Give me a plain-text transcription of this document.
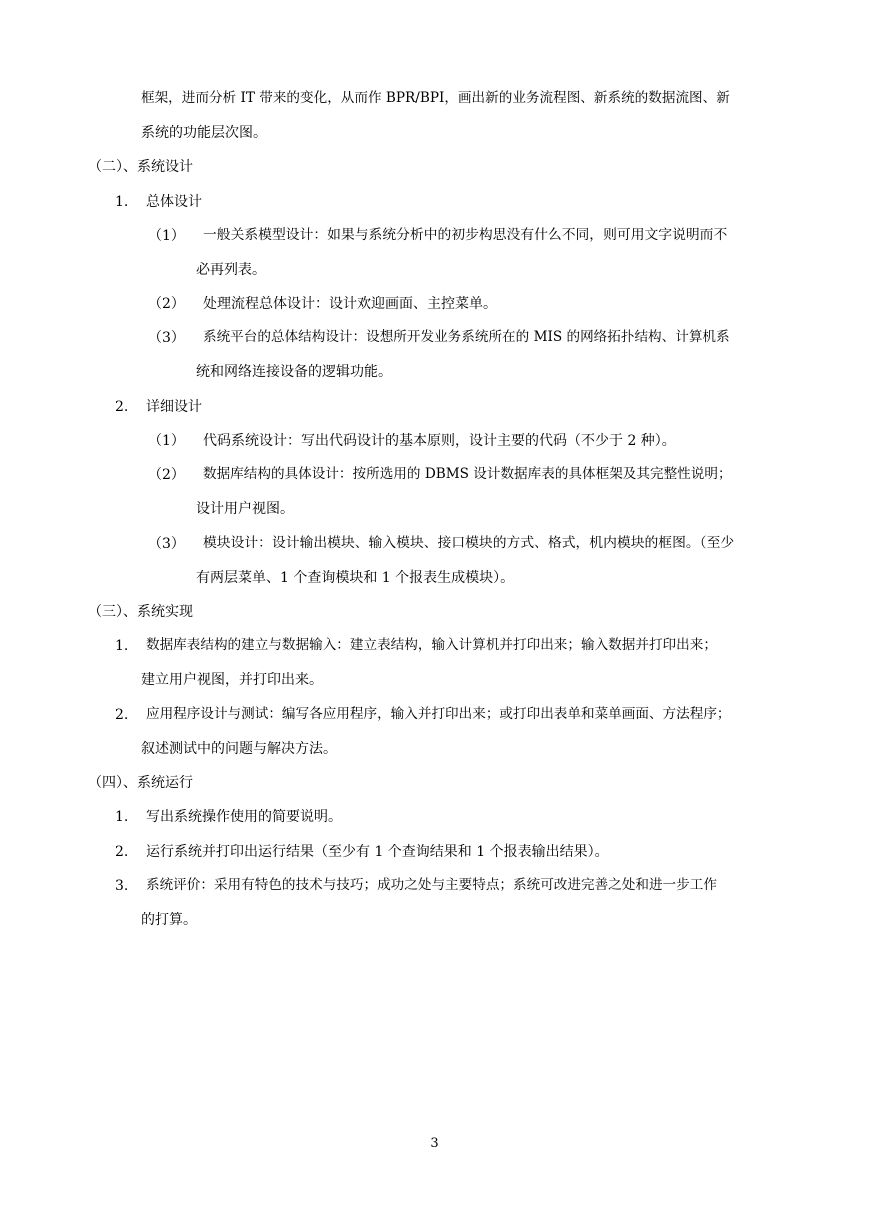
框架，进而分析 IT 带来的变化，从而作 BPR/BPI，画出新的业务流程图、新系统的数据流图、新
系统的功能层次图。
（二）、系统设计
1. 总体设计
（1） 一般关系模型设计：如果与系统分析中的初步构思没有什么不同，则可用文字说明而不
必再列表。
（2） 处理流程总体设计：设计欢迎画面、主控菜单。
（3） 系统平台的总体结构设计：设想所开发业务系统所在的 MIS 的网络拓扑结构、计算机系
统和网络连接设备的逻辑功能。
2. 详细设计
（1） 代码系统设计：写出代码设计的基本原则，设计主要的代码（不少于 2 种）。
（2） 数据库结构的具体设计：按所选用的 DBMS 设计数据库表的具体框架及其完整性说明；
设计用户视图。
（3） 模块设计：设计输出模块、输入模块、接口模块的方式、格式，机内模块的框图。（至少
有两层菜单、1 个查询模块和 1 个报表生成模块）。
（三）、系统实现
1. 数据库表结构的建立与数据输入：建立表结构，输入计算机并打印出来；输入数据并打印出来；
建立用户视图，并打印出来。
2. 应用程序设计与测试：编写各应用程序，输入并打印出来；或打印出表单和菜单画面、方法程序；
叙述测试中的问题与解决方法。
（四）、系统运行
1. 写出系统操作使用的简要说明。
2. 运行系统并打印出运行结果（至少有 1 个查询结果和 1 个报表输出结果）。
3. 系统评价：采用有特色的技术与技巧；成功之处与主要特点；系统可改进完善之处和进一步工作
的打算。
3
